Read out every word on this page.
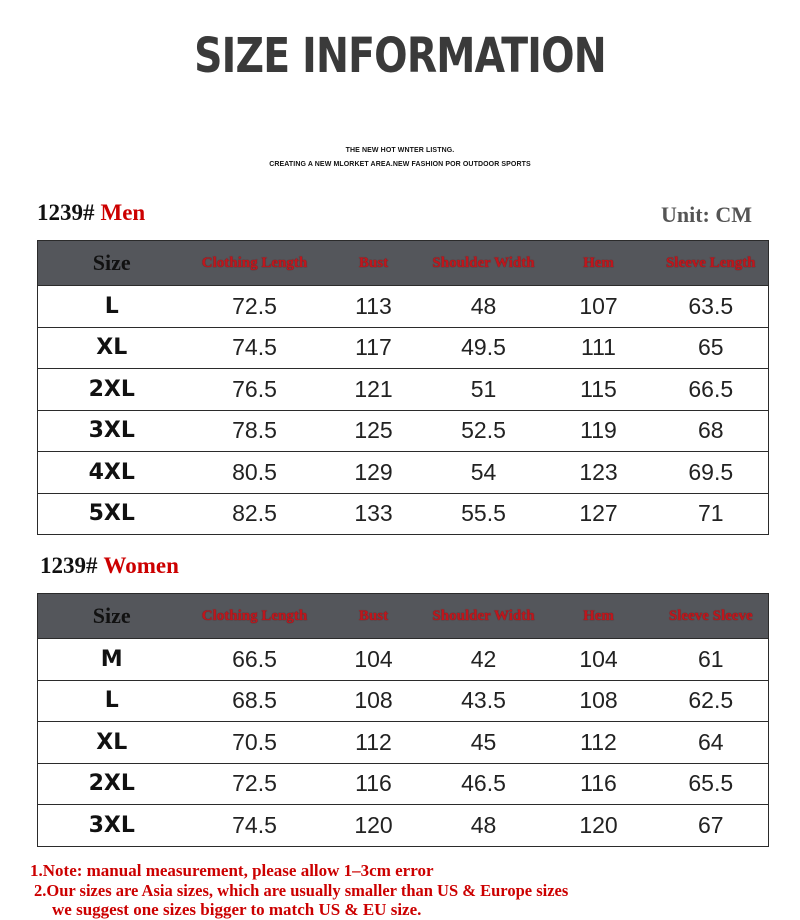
SIZE INFORMATION
THE NEW HOT WNTER LISTNG.
CREATING A NEW MLORKET AREA.NEW FASHION POR OUTDOOR SPORTS
1239# Men	Unit: CM
Size	Clothing Length	Bust	Shoulder Width	Hem	Sleeve Length
L	72.5	113	48	107	63.5
XL	74.5	117	49.5	111	65
2XL	76.5	121	51	115	66.5
3XL	78.5	125	52.5	119	68
4XL	80.5	129	54	123	69.5
5XL	82.5	133	55.5	127	71
1239# Women
Size	Clothing Length	Bust	Shoulder Width	Hem	Sleeve Sleeve
M	66.5	104	42	104	61
L	68.5	108	43.5	108	62.5
XL	70.5	112	45	112	64
2XL	72.5	116	46.5	116	65.5
3XL	74.5	120	48	120	67
1.Note: manual measurement, please allow 1–3cm error
2.Our sizes are Asia sizes, which are usually smaller than US & Europe sizes
we suggest one sizes bigger to match US & EU size.
